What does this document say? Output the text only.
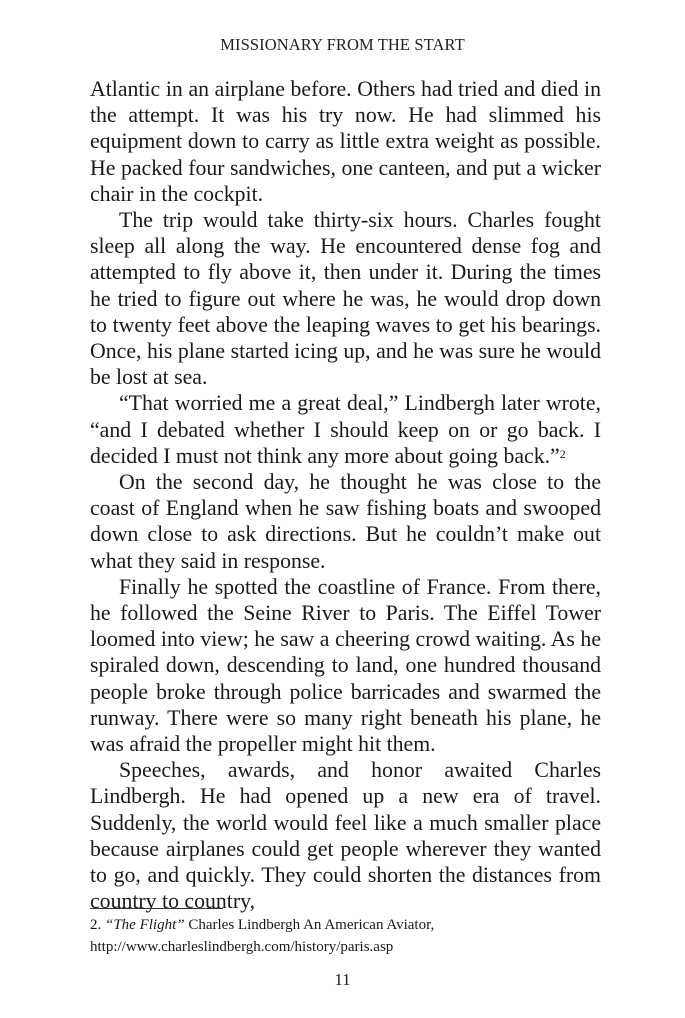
MISSIONARY FROM THE START

Atlantic in an airplane before. Others had tried and died in the attempt. It was his try now. He had slimmed his equipment down to carry as little extra weight as possible. He packed four sandwiches, one canteen, and put a wicker chair in the cockpit.

The trip would take thirty-six hours. Charles fought sleep all along the way. He encountered dense fog and attempted to fly above it, then under it. During the times he tried to figure out where he was, he would drop down to twenty feet above the leaping waves to get his bearings. Once, his plane started icing up, and he was sure he would be lost at sea.

“That worried me a great deal,” Lindbergh later wrote, “and I debated whether I should keep on or go back. I decided I must not think any more about going back.”$^2$

On the second day, he thought he was close to the coast of England when he saw fishing boats and swooped down close to ask directions. But he couldn’t make out what they said in response.

Finally he spotted the coastline of France. From there, he followed the Seine River to Paris. The Eiffel Tower loomed into view; he saw a cheering crowd waiting. As he spiraled down, descending to land, one hundred thousand people broke through police barricades and swarmed the runway. There were so many right beneath his plane, he was afraid the propeller might hit them.

Speeches, awards, and honor awaited Charles Lindbergh. He had opened up a new era of travel. Suddenly, the world would feel like a much smaller place because airplanes could get people wherever they wanted to go, and quickly. They could shorten the distances from country to country,

2. “The Flight” Charles Lindbergh An American Aviator,
http://www.charleslindbergh.com/history/paris.asp
11
